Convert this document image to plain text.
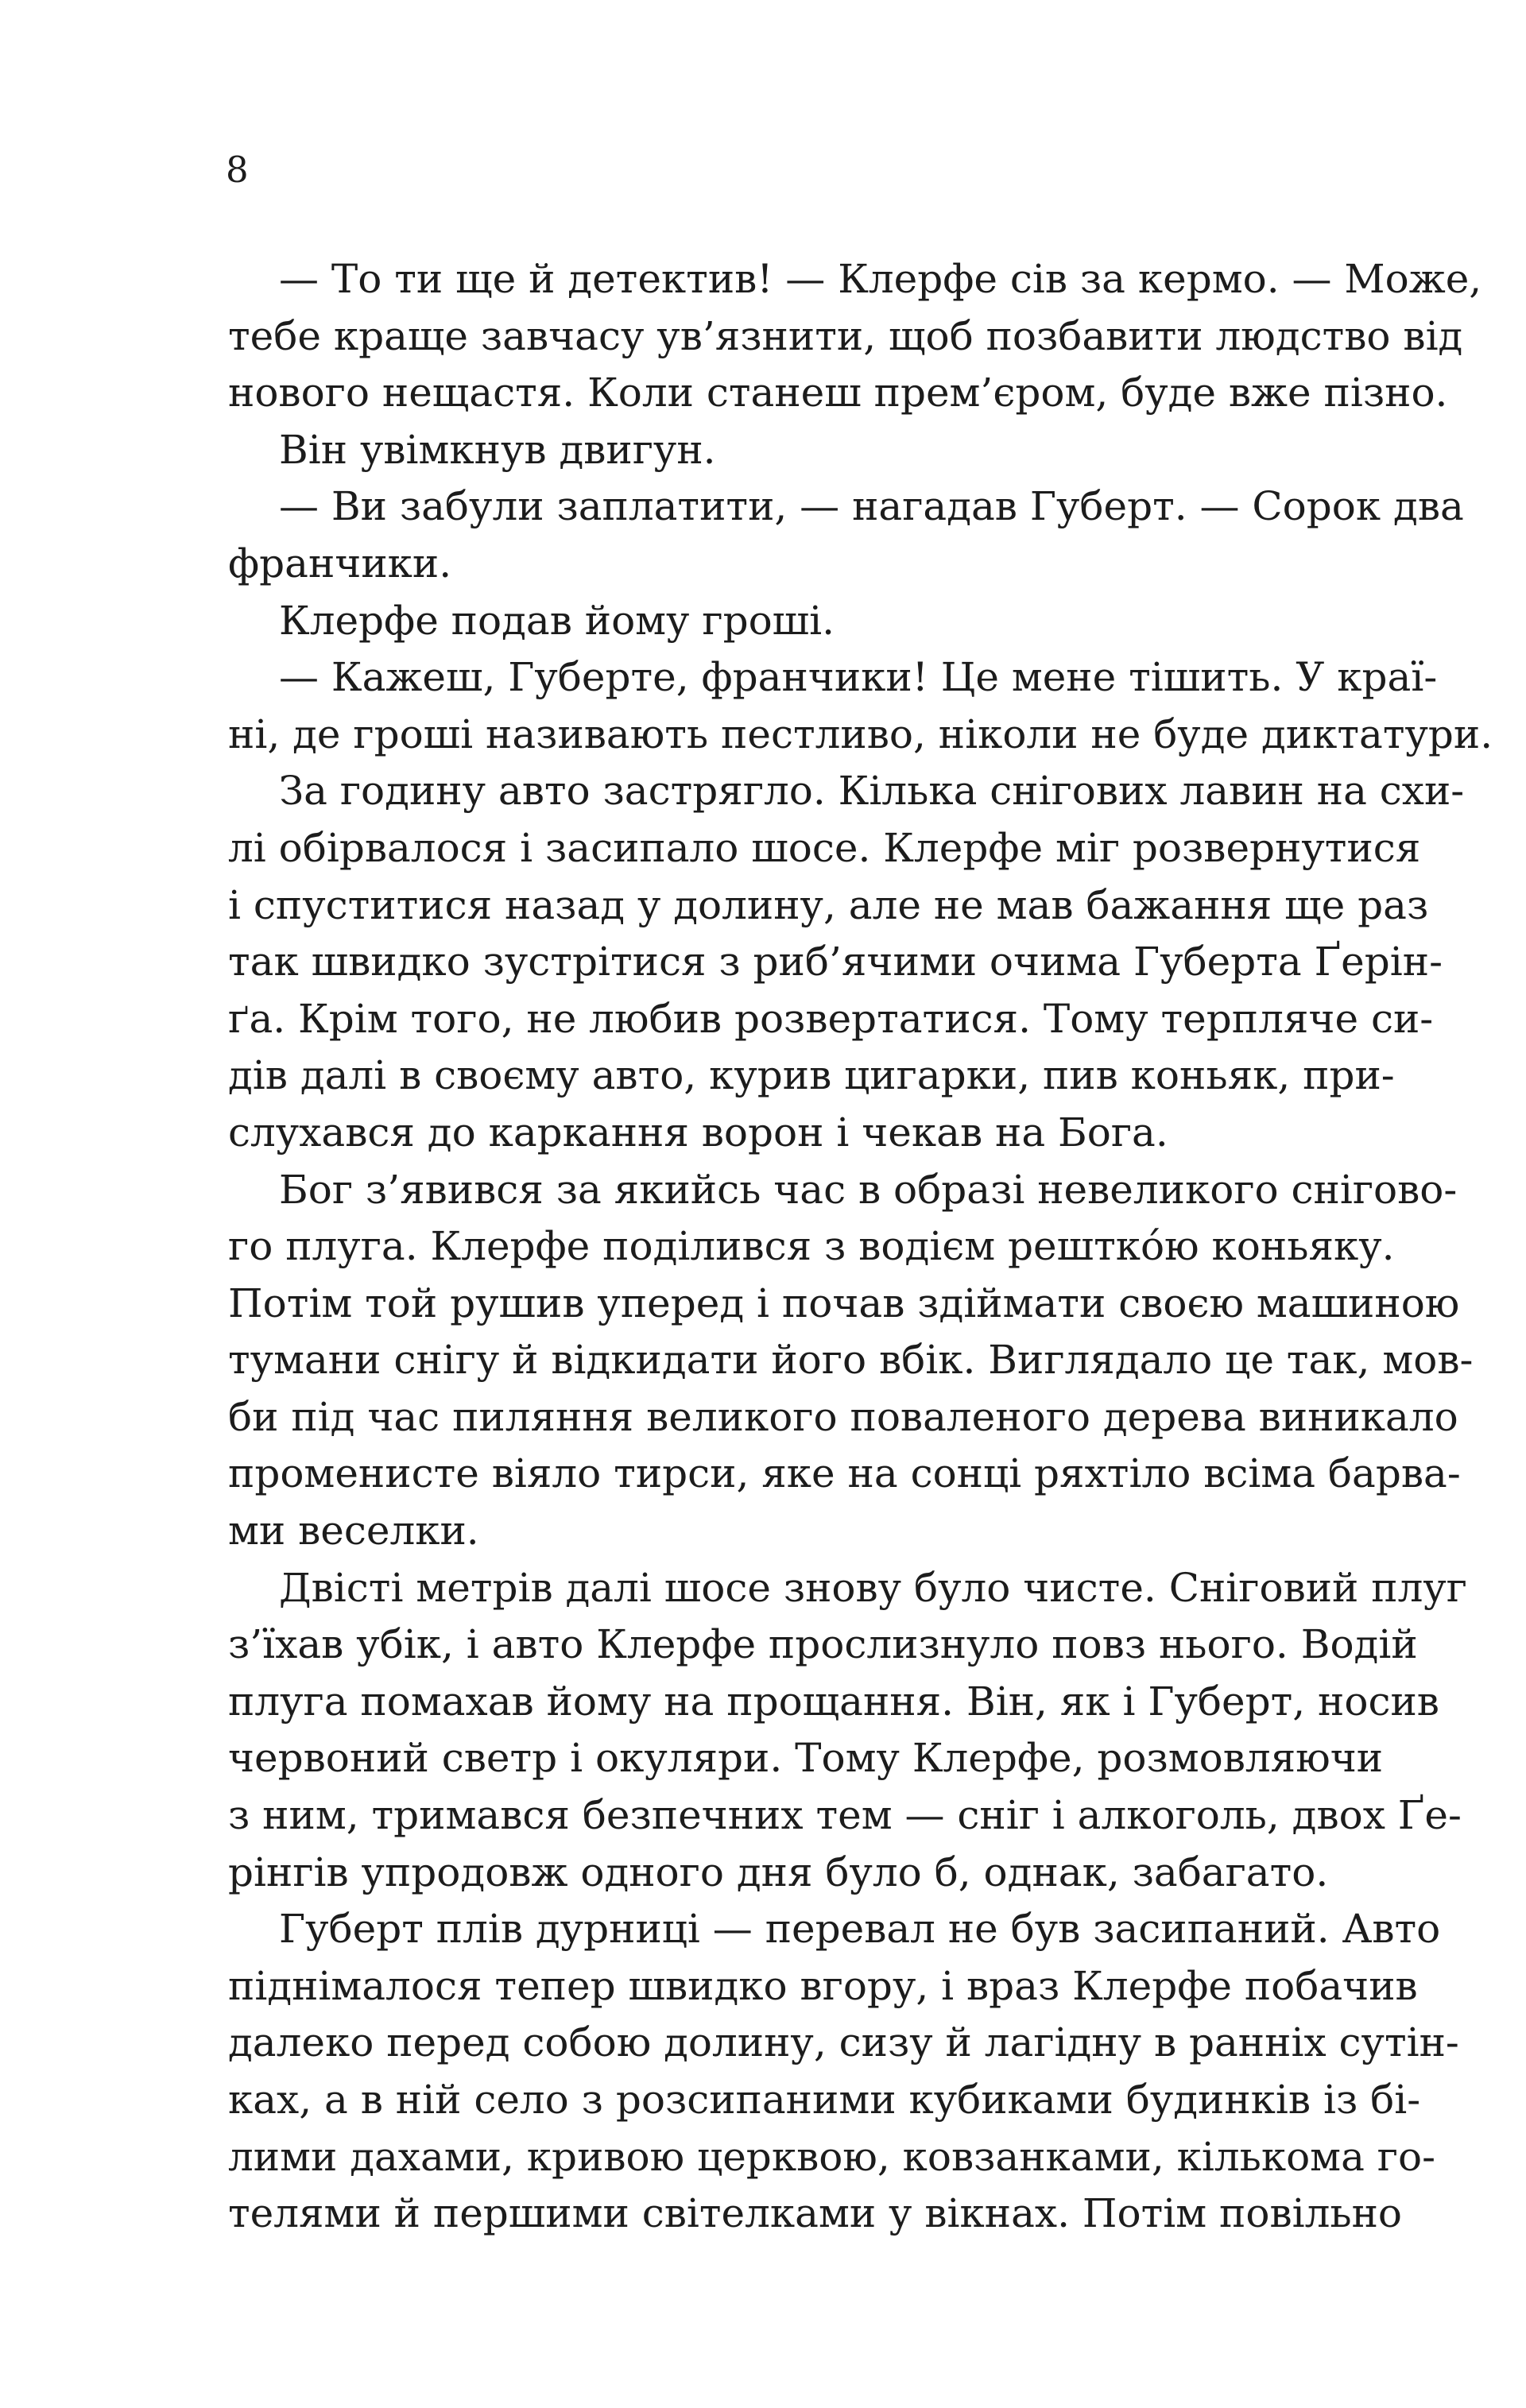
8
— То ти ще й детектив! — Клерфе сів за кермо. — Може,
тебе краще завчасу ув’язнити, щоб позбавити людство від
нового нещастя. Коли станеш прем’єром, буде вже пізно.
Він увімкнув двигун.
— Ви забули заплатити, — нагадав Губерт. — Сорок два
франчики.
Клерфе подав йому гроші.
— Кажеш, Губерте, франчики! Це мене тішить. У краї-
ні, де гроші називають пестливо, ніколи не буде диктатури.
За годину авто застрягло. Кілька снігових лавин на схи-
лі обірвалося і засипало шосе. Клерфе міг розвернутися
і спуститися назад у долину, але не мав бажання ще раз
так швидко зустрітися з риб’ячими очима Губерта Ґерін-
ґа. Крім того, не любив розвертатися. Тому терпляче си-
дів далі в своєму авто, курив цигарки, пив коньяк, при-
слухався до каркання ворон і чекав на Бога.
Бог з’явився за якийсь час в образі невеликого снігово-
го плуга. Клерфе поділився з водієм рештко́ю коньяку.
Потім той рушив уперед і почав здіймати своєю машиною
тумани снігу й відкидати його вбік. Виглядало це так, мов-
би під час пиляння великого поваленого дерева виникало
променисте віяло тирси, яке на сонці ряхтіло всіма барва-
ми веселки.
Двісті метрів далі шосе знову було чисте. Сніговий плуг
з’їхав убік, і авто Клерфе прослизнуло повз нього. Водій
плуга помахав йому на прощання. Він, як і Губерт, носив
червоний светр і окуляри. Тому Клерфе, розмовляючи
з ним, тримався безпечних тем — сніг і алкоголь, двох Ґе-
рінгів упродовж одного дня було б, однак, забагато.
Губерт плів дурниці — перевал не був засипаний. Авто
піднімалося тепер швидко вгору, і враз Клерфе побачив
далеко перед собою долину, сизу й лагідну в ранніх сутін-
ках, а в ній село з розсипаними кубиками будинків із бі-
лими дахами, кривою церквою, ковзанками, кількома го-
телями й першими світелками у вікнах. Потім повільно
